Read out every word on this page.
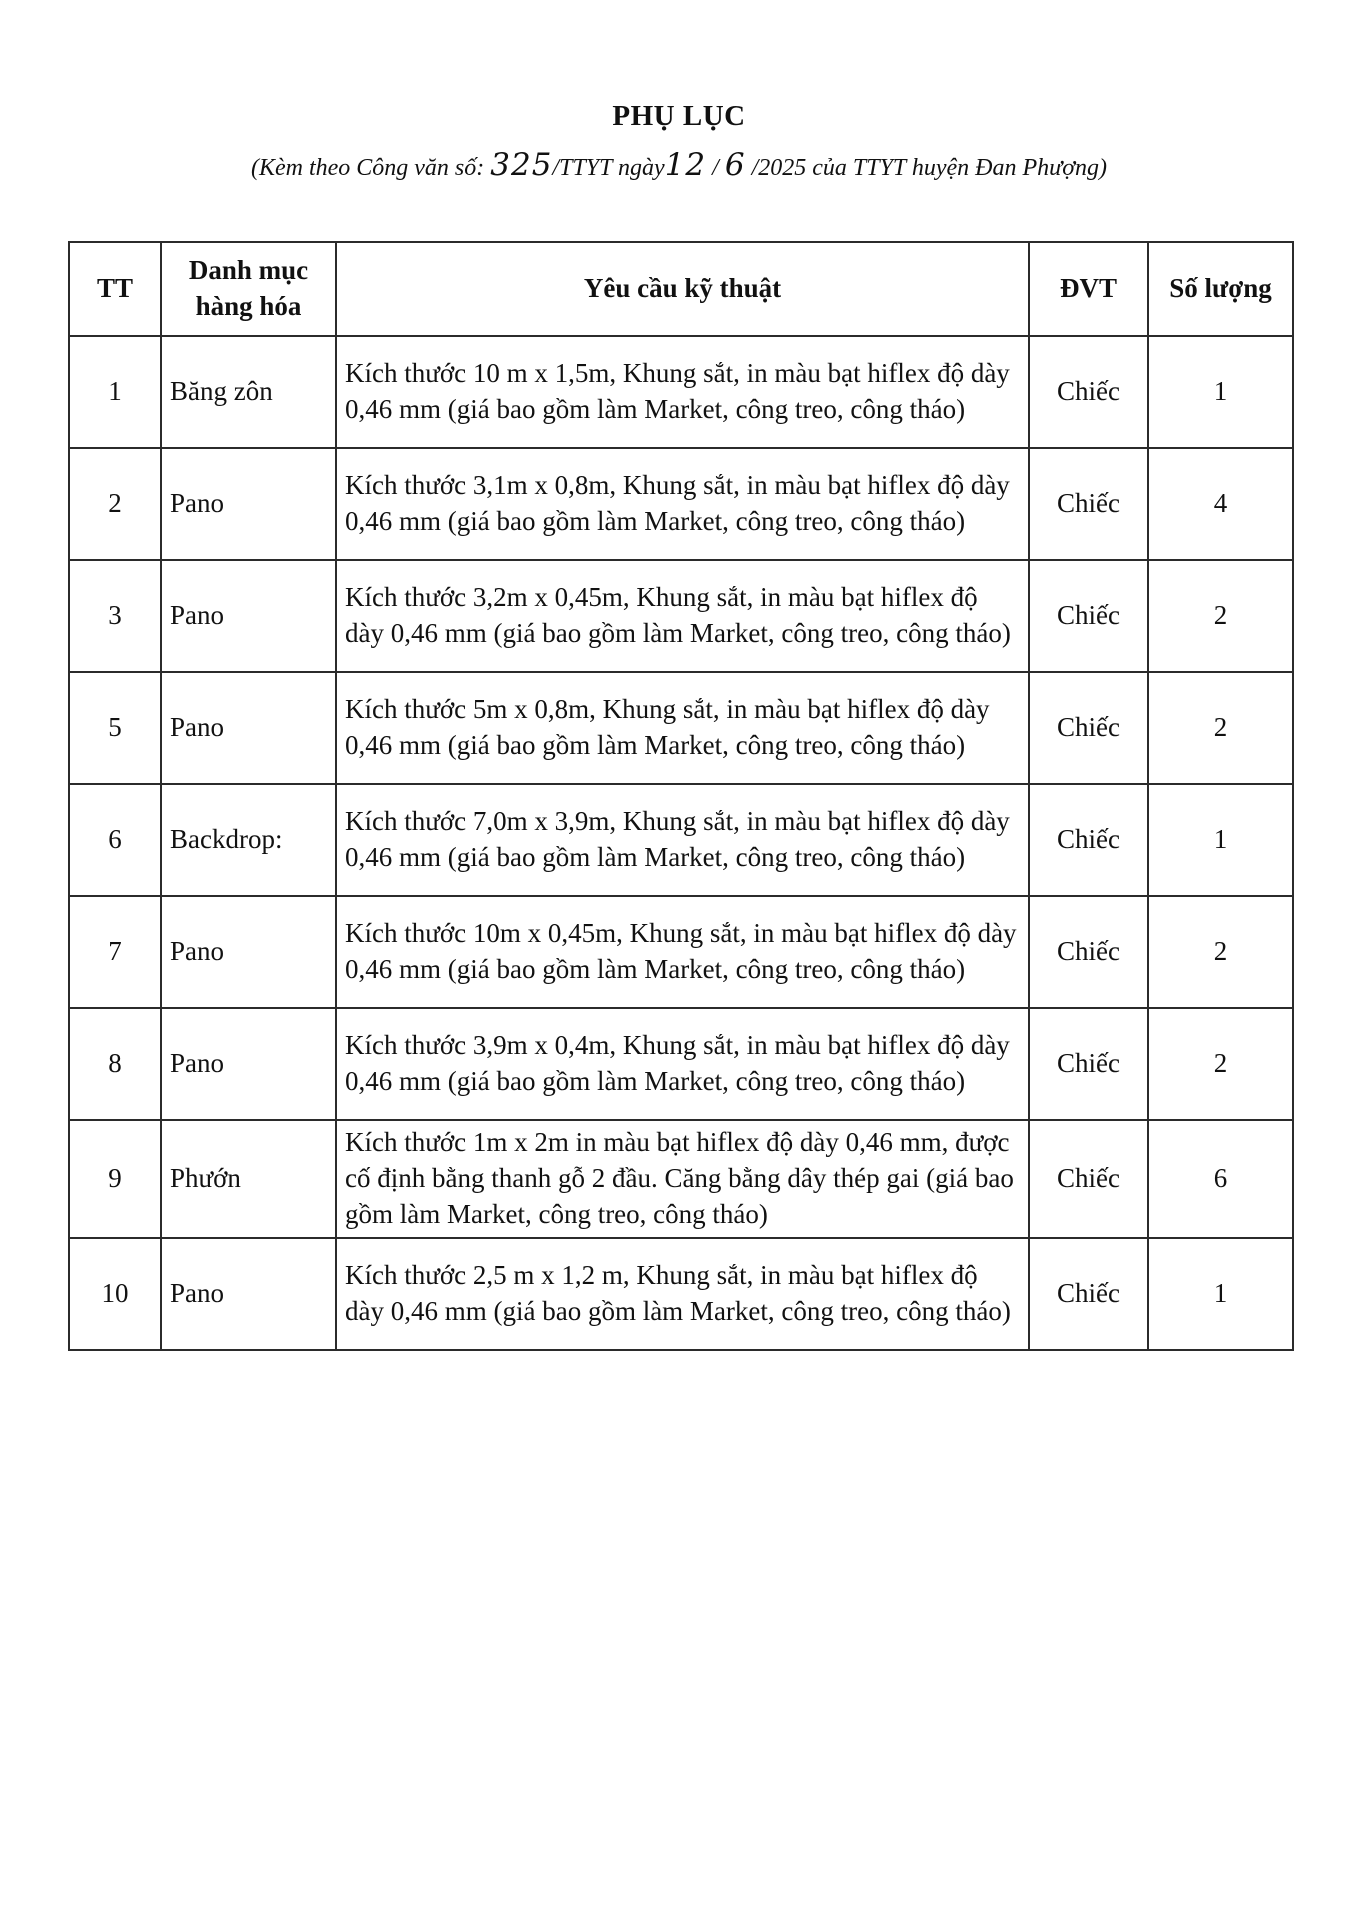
PHỤ LỤC

(Kèm theo Công văn số: 325/TTYT ngày12 / 6 /2025 của TTYT huyện Đan Phượng)

TT	Danh mục hàng hóa	Yêu cầu kỹ thuật	ĐVT	Số lượng
1	Băng zôn	Kích thước 10 m x 1,5m, Khung sắt, in màu bạt hiflex độ dày 0,46 mm (giá bao gồm làm Market, công treo, công tháo)	Chiếc	1
2	Pano	Kích thước 3,1m x 0,8m, Khung sắt, in màu bạt hiflex độ dày 0,46 mm (giá bao gồm làm Market, công treo, công tháo)	Chiếc	4
3	Pano	Kích thước 3,2m x 0,45m, Khung sắt, in màu bạt hiflex độ dày 0,46 mm (giá bao gồm làm Market, công treo, công tháo)	Chiếc	2
5	Pano	Kích thước 5m x 0,8m, Khung sắt, in màu bạt hiflex độ dày 0,46 mm (giá bao gồm làm Market, công treo, công tháo)	Chiếc	2
6	Backdrop:	Kích thước 7,0m x 3,9m, Khung sắt, in màu bạt hiflex độ dày 0,46 mm (giá bao gồm làm Market, công treo, công tháo)	Chiếc	1
7	Pano	Kích thước 10m x 0,45m, Khung sắt, in màu bạt hiflex độ dày 0,46 mm (giá bao gồm làm Market, công treo, công tháo)	Chiếc	2
8	Pano	Kích thước 3,9m x 0,4m, Khung sắt, in màu bạt hiflex độ dày 0,46 mm (giá bao gồm làm Market, công treo, công tháo)	Chiếc	2
9	Phướn	Kích thước 1m x 2m in màu bạt hiflex độ dày 0,46 mm, được cố định bằng thanh gỗ 2 đầu. Căng bằng dây thép gai (giá bao gồm làm Market, công treo, công tháo)	Chiếc	6
10	Pano	Kích thước 2,5 m x 1,2 m, Khung sắt, in màu bạt hiflex độ dày 0,46 mm (giá bao gồm làm Market, công treo, công tháo)	Chiếc	1
